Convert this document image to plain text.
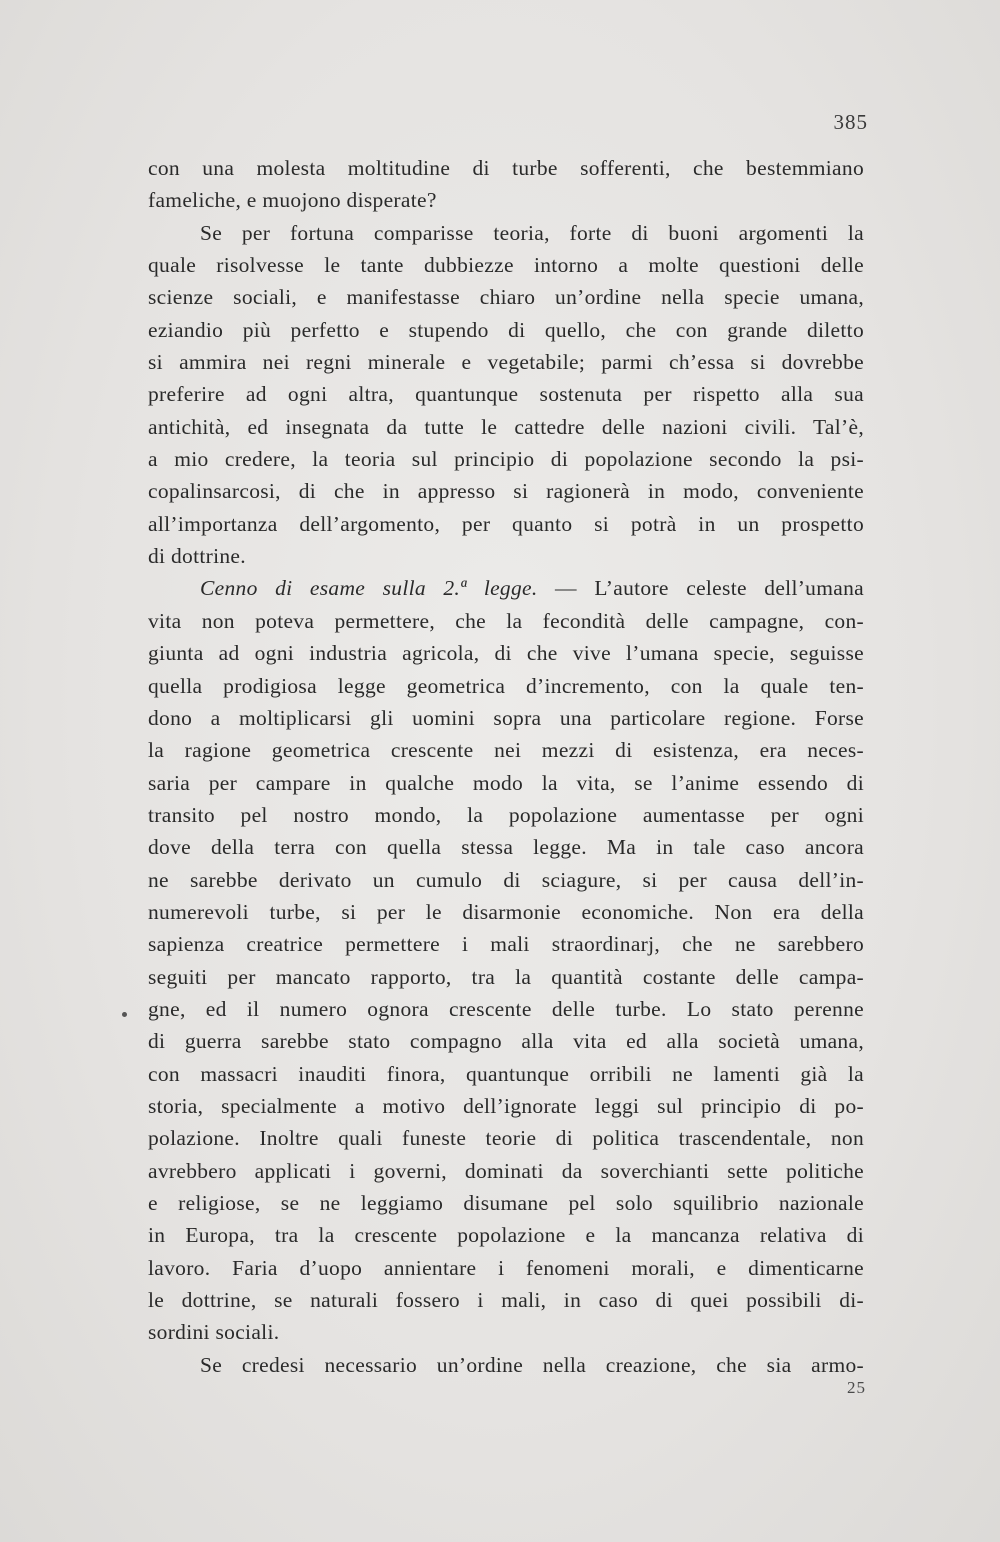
385
con una molesta moltitudine di turbe sofferenti, che bestemmiano
fameliche, e muojono disperate?
Se per fortuna comparisse teoria, forte di buoni argomenti la
quale risolvesse le tante dubbiezze intorno a molte questioni delle
scienze sociali, e manifestasse chiaro un’ordine nella specie umana,
eziandio più perfetto e stupendo di quello, che con grande diletto
si ammira nei regni minerale e vegetabile; parmi ch’essa si dovrebbe
preferire ad ogni altra, quantunque sostenuta per rispetto alla sua
antichità, ed insegnata da tutte le cattedre delle nazioni civili. Tal’è,
a mio credere, la teoria sul principio di popolazione secondo la psi-
copalinsarcosi, di che in appresso si ragionerà in modo, conveniente
all’importanza dell’argomento, per quanto si potrà in un prospetto
di dottrine.
Cenno di esame sulla 2.ª legge. — L’autore celeste dell’umana
vita non poteva permettere, che la fecondità delle campagne, con-
giunta ad ogni industria agricola, di che vive l’umana specie, seguisse
quella prodigiosa legge geometrica d’incremento, con la quale ten-
dono a moltiplicarsi gli uomini sopra una particolare regione. Forse
la ragione geometrica crescente nei mezzi di esistenza, era neces-
saria per campare in qualche modo la vita, se l’anime essendo di
transito pel nostro mondo, la popolazione aumentasse per ogni
dove della terra con quella stessa legge. Ma in tale caso ancora
ne sarebbe derivato un cumulo di sciagure, si per causa dell’in-
numerevoli turbe, si per le disarmonie economiche. Non era della
sapienza creatrice permettere i mali straordinarj, che ne sarebbero
seguiti per mancato rapporto, tra la quantità costante delle campa-
gne, ed il numero ognora crescente delle turbe. Lo stato perenne
di guerra sarebbe stato compagno alla vita ed alla società umana,
con massacri inauditi finora, quantunque orribili ne lamenti già la
storia, specialmente a motivo dell’ignorate leggi sul principio di po-
polazione. Inoltre quali funeste teorie di politica trascendentale, non
avrebbero applicati i governi, dominati da soverchianti sette politiche
e religiose, se ne leggiamo disumane pel solo squilibrio nazionale
in Europa, tra la crescente popolazione e la mancanza relativa di
lavoro. Faria d’uopo annientare i fenomeni morali, e dimenticarne
le dottrine, se naturali fossero i mali, in caso di quei possibili di-
sordini sociali.
Se credesi necessario un’ordine nella creazione, che sia armo-
25
